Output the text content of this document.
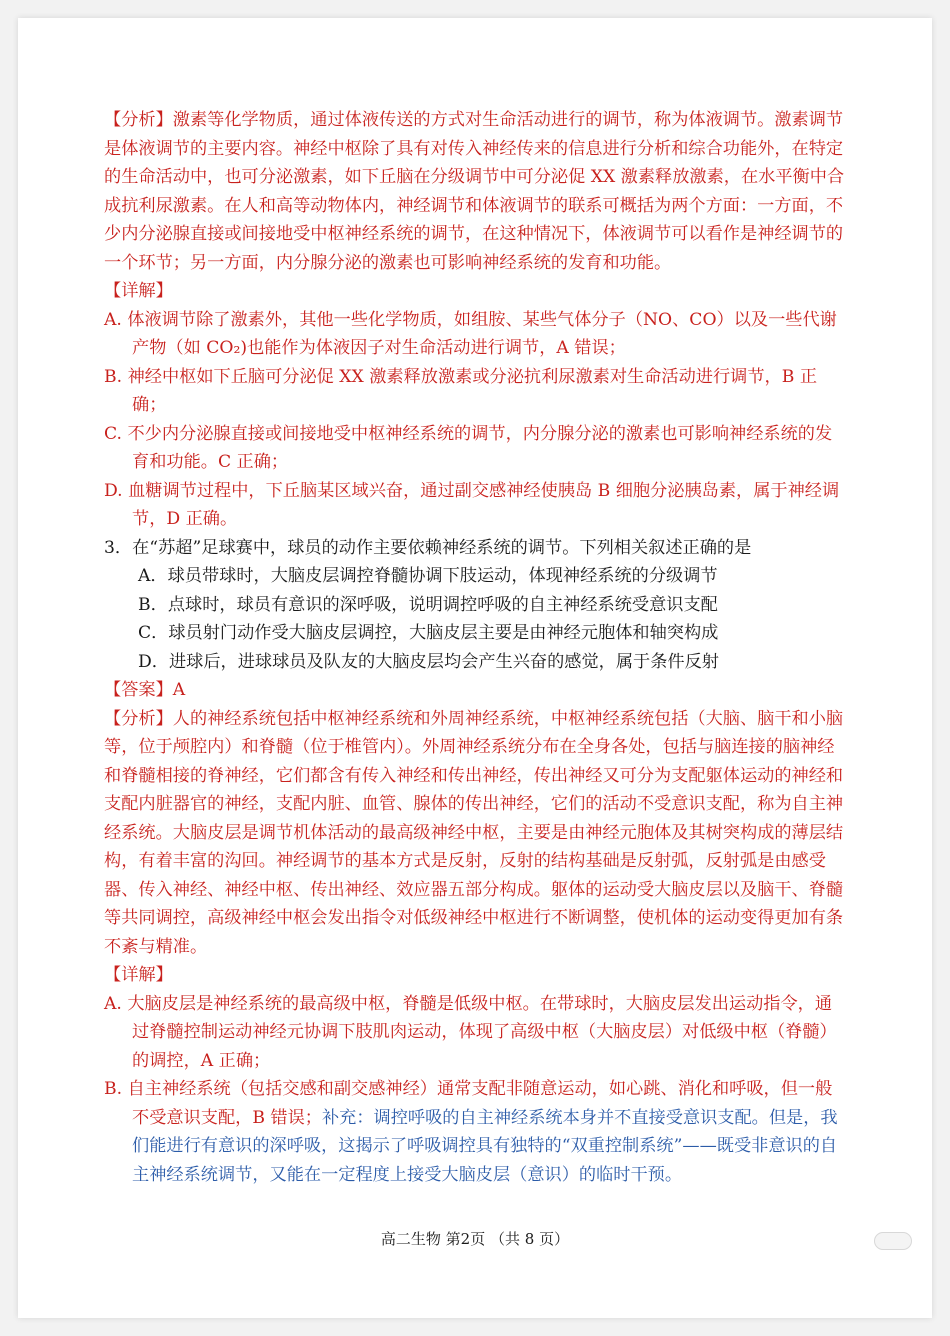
【分析】激素等化学物质，通过体液传送的方式对生命活动进行的调节，称为体液调节。激素调节是体液调节的主要内容。神经中枢除了具有对传入神经传来的信息进行分析和综合功能外，在特定的生命活动中，也可分泌激素，如下丘脑在分级调节中可分泌促 XX 激素释放激素，在水平衡中合成抗利尿激素。在人和高等动物体内，神经调节和体液调节的联系可概括为两个方面：一方面，不少内分泌腺直接或间接地受中枢神经系统的调节，在这种情况下，体液调节可以看作是神经调节的一个环节；另一方面，内分腺分泌的激素也可影响神经系统的发育和功能。

【详解】

A. 体液调节除了激素外，其他一些化学物质，如组胺、某些气体分子（NO、CO）以及一些代谢产物（如 CO₂)也能作为体液因子对生命活动进行调节，A 错误；

B. 神经中枢如下丘脑可分泌促 XX 激素释放激素或分泌抗利尿激素对生命活动进行调节，B 正确；

C. 不少内分泌腺直接或间接地受中枢神经系统的调节，内分腺分泌的激素也可影响神经系统的发育和功能。C 正确；

D. 血糖调节过程中，下丘脑某区域兴奋，通过副交感神经使胰岛 B 细胞分泌胰岛素，属于神经调节，D 正确。

3．在“苏超”足球赛中，球员的动作主要依赖神经系统的调节。下列相关叙述正确的是

A．球员带球时，大脑皮层调控脊髓协调下肢运动，体现神经系统的分级调节

B．点球时，球员有意识的深呼吸，说明调控呼吸的自主神经系统受意识支配

C．球员射门动作受大脑皮层调控，大脑皮层主要是由神经元胞体和轴突构成

D．进球后，进球球员及队友的大脑皮层均会产生兴奋的感觉，属于条件反射

【答案】A

【分析】人的神经系统包括中枢神经系统和外周神经系统，中枢神经系统包括（大脑、脑干和小脑等，位于颅腔内）和脊髓（位于椎管内）。外周神经系统分布在全身各处，包括与脑连接的脑神经和脊髓相接的脊神经，它们都含有传入神经和传出神经，传出神经又可分为支配躯体运动的神经和支配内脏器官的神经，支配内脏、血管、腺体的传出神经，它们的活动不受意识支配，称为自主神经系统。大脑皮层是调节机体活动的最高级神经中枢，主要是由神经元胞体及其树突构成的薄层结构，有着丰富的沟回。神经调节的基本方式是反射，反射的结构基础是反射弧，反射弧是由感受器、传入神经、神经中枢、传出神经、效应器五部分构成。躯体的运动受大脑皮层以及脑干、脊髓等共同调控，高级神经中枢会发出指令对低级神经中枢进行不断调整，使机体的运动变得更加有条不紊与精准。

【详解】

A. 大脑皮层是神经系统的最高级中枢，脊髓是低级中枢。在带球时，大脑皮层发出运动指令，通过脊髓控制运动神经元协调下肢肌肉运动，体现了高级中枢（大脑皮层）对低级中枢（脊髓）的调控，A 正确；

B. 自主神经系统（包括交感和副交感神经）通常支配非随意运动，如心跳、消化和呼吸，但一般不受意识支配，B 错误；补充：调控呼吸的自主神经系统本身并不直接受意识支配。但是，我们能进行有意识的深呼吸，这揭示了呼吸调控具有独特的“双重控制系统”——既受非意识的自主神经系统调节，又能在一定程度上接受大脑皮层（意识）的临时干预。

高二生物 第2页 （共 8 页）
